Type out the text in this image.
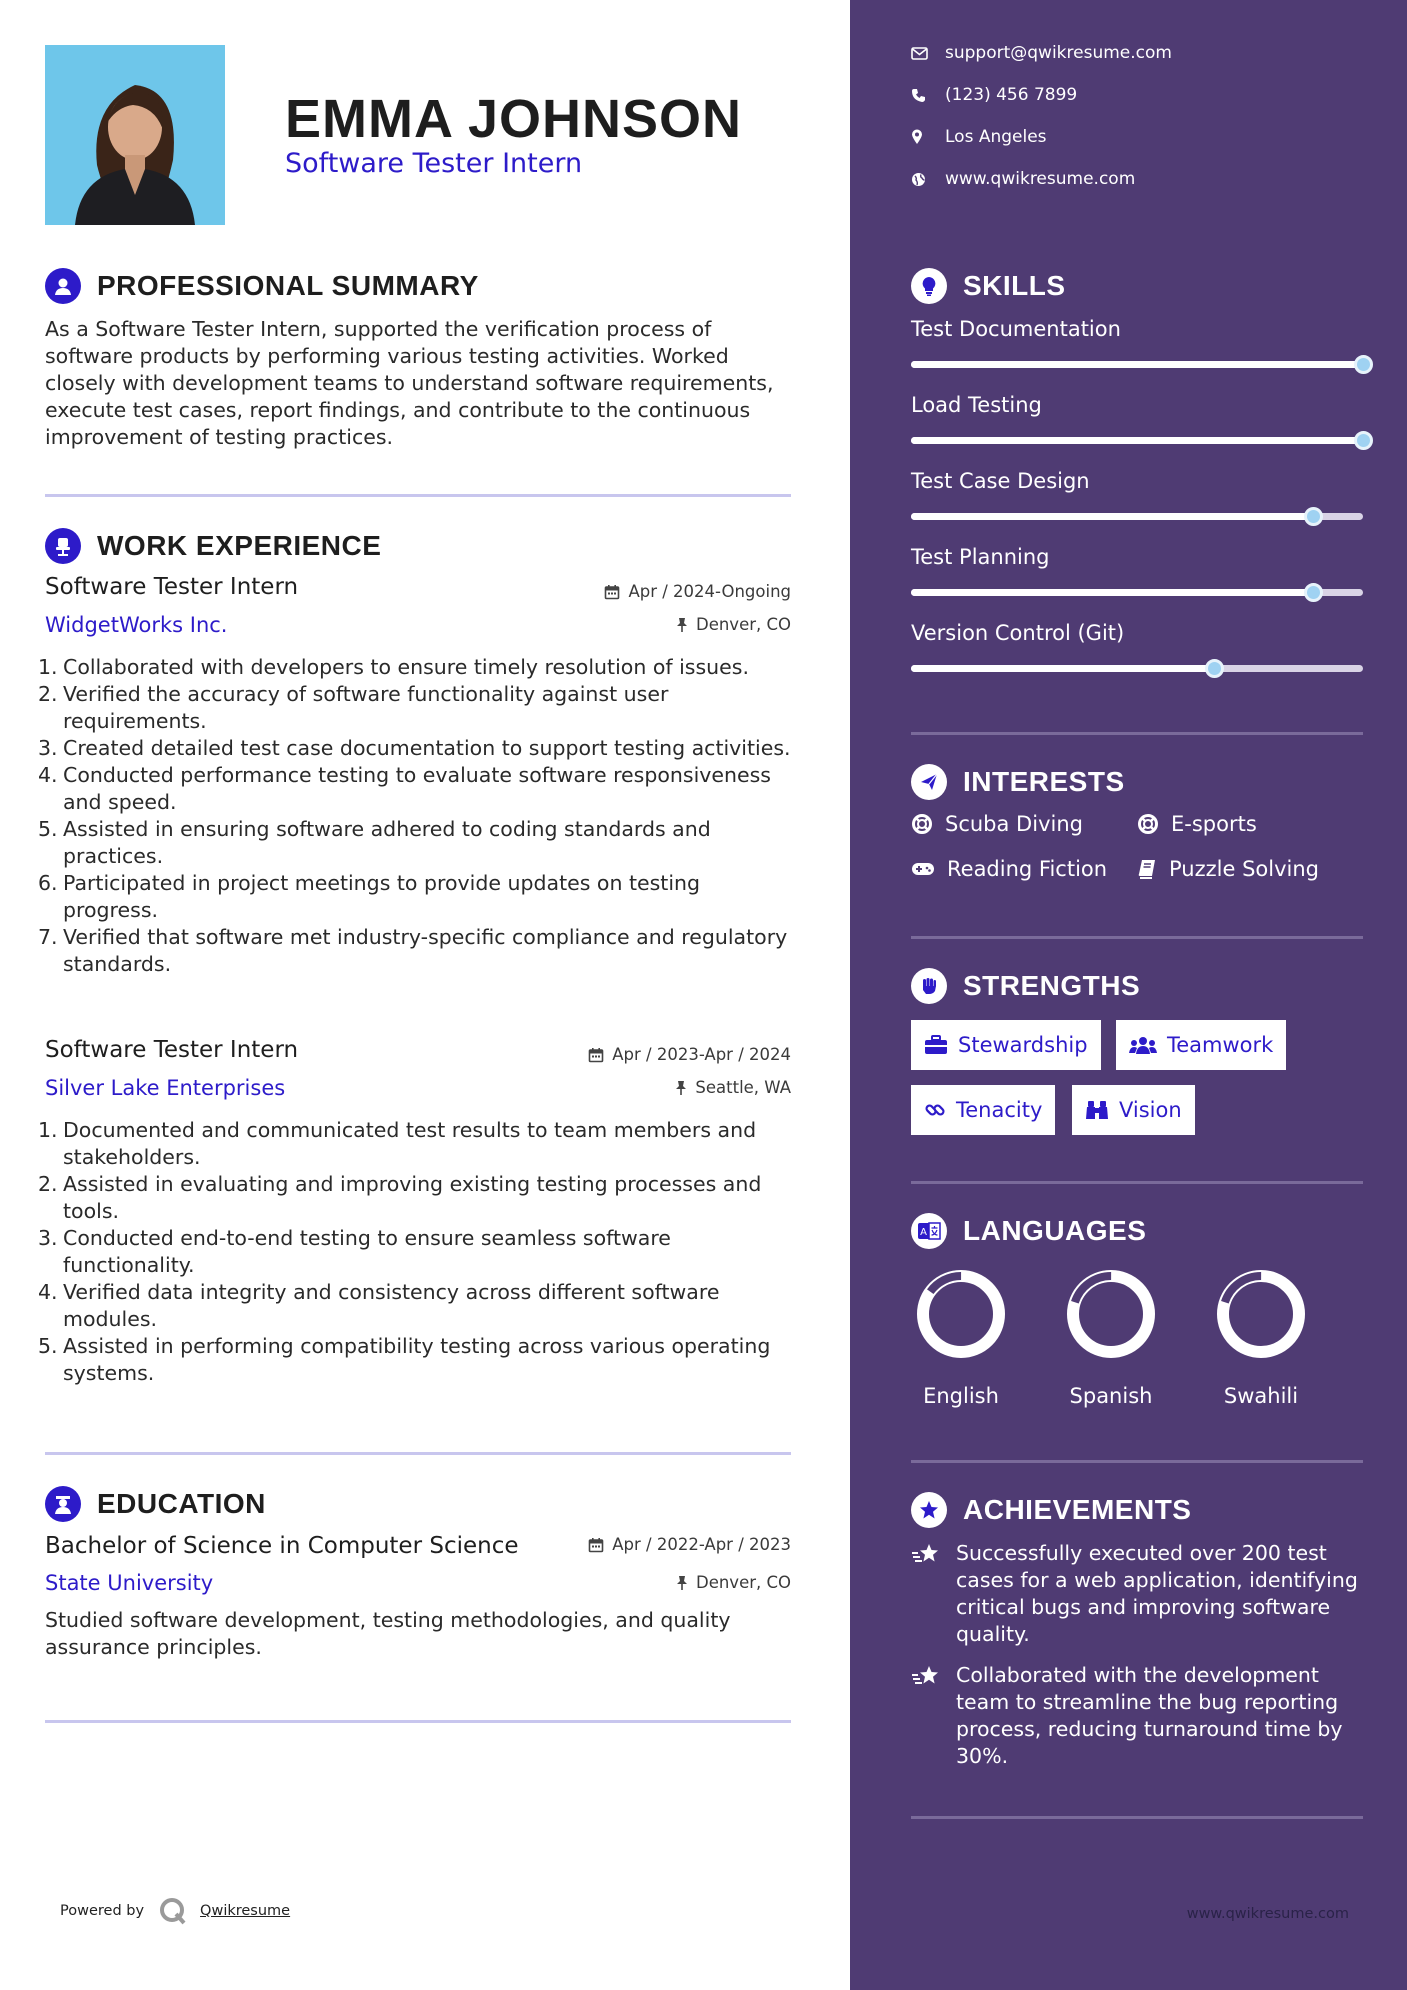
EMMA JOHNSON
Software Tester Intern
PROFESSIONAL SUMMARY
As a Software Tester Intern, supported the verification process of software products by performing various testing activities. Worked closely with development teams to understand software requirements, execute test cases, report findings, and contribute to the continuous improvement of testing practices.
WORK EXPERIENCE
Software Tester Intern	Apr / 2024-Ongoing
WidgetWorks Inc.	Denver, CO
1. Collaborated with developers to ensure timely resolution of issues.
2. Verified the accuracy of software functionality against user requirements.
3. Created detailed test case documentation to support testing activities.
4. Conducted performance testing to evaluate software responsiveness and speed.
5. Assisted in ensuring software adhered to coding standards and practices.
6. Participated in project meetings to provide updates on testing progress.
7. Verified that software met industry-specific compliance and regulatory standards.
Software Tester Intern	Apr / 2023-Apr / 2024
Silver Lake Enterprises	Seattle, WA
1. Documented and communicated test results to team members and stakeholders.
2. Assisted in evaluating and improving existing testing processes and tools.
3. Conducted end-to-end testing to ensure seamless software functionality.
4. Verified data integrity and consistency across different software modules.
5. Assisted in performing compatibility testing across various operating systems.
EDUCATION
Bachelor of Science in Computer Science	Apr / 2022-Apr / 2023
State University	Denver, CO
Studied software development, testing methodologies, and quality assurance principles.
Powered by	Qwikresume
support@qwikresume.com
(123) 456 7899
Los Angeles
www.qwikresume.com
SKILLS
Test Documentation
Load Testing
Test Case Design
Test Planning
Version Control (Git)
INTERESTS
Scuba Diving	E-sports
Reading Fiction	Puzzle Solving
STRENGTHS
Stewardship	Teamwork
Tenacity	Vision
A LANGUAGES
English	Spanish	Swahili
ACHIEVEMENTS
Successfully executed over 200 test cases for a web application, identifying critical bugs and improving software quality.
Collaborated with the development team to streamline the bug reporting process, reducing turnaround time by 30%.
www.qwikresume.com
